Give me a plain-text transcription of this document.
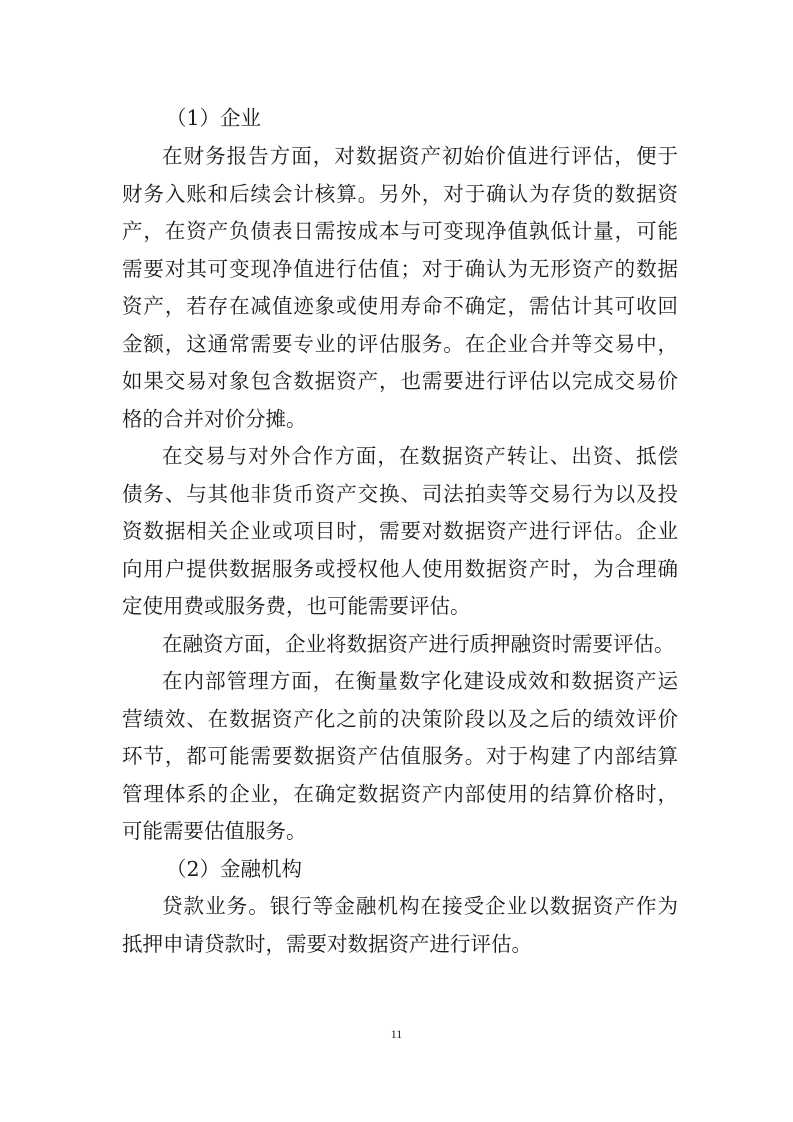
（1）企业
在财务报告方面，对数据资产初始价值进行评估，便于
财务入账和后续会计核算。另外，对于确认为存货的数据资
产，在资产负债表日需按成本与可变现净值孰低计量，可能
需要对其可变现净值进行估值；对于确认为无形资产的数据
资产，若存在减值迹象或使用寿命不确定，需估计其可收回
金额，这通常需要专业的评估服务。在企业合并等交易中，
如果交易对象包含数据资产，也需要进行评估以完成交易价
格的合并对价分摊。
在交易与对外合作方面，在数据资产转让、出资、抵偿
债务、与其他非货币资产交换、司法拍卖等交易行为以及投
资数据相关企业或项目时，需要对数据资产进行评估。企业
向用户提供数据服务或授权他人使用数据资产时，为合理确
定使用费或服务费，也可能需要评估。
在融资方面，企业将数据资产进行质押融资时需要评估。
在内部管理方面，在衡量数字化建设成效和数据资产运
营绩效、在数据资产化之前的决策阶段以及之后的绩效评价
环节，都可能需要数据资产估值服务。对于构建了内部结算
管理体系的企业，在确定数据资产内部使用的结算价格时，
可能需要估值服务。
（2）金融机构
贷款业务。银行等金融机构在接受企业以数据资产作为
抵押申请贷款时，需要对数据资产进行评估。
11
